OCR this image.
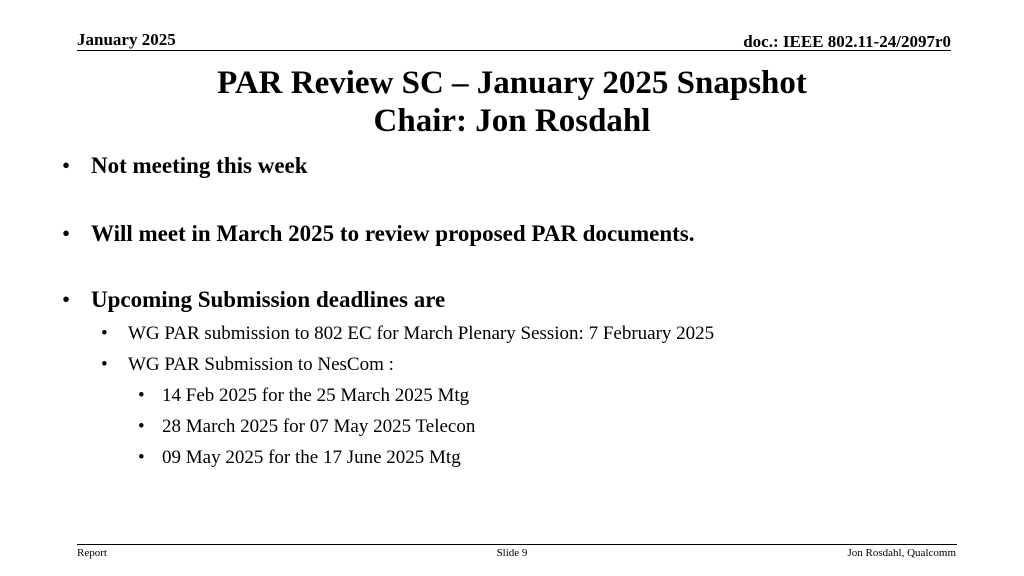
January 2025	doc.: IEEE 802.11-24/2097r0
PAR Review SC – January 2025 Snapshot
Chair: Jon Rosdahl
• Not meeting this week
• Will meet in March 2025 to review proposed PAR documents.
• Upcoming Submission deadlines are
• WG PAR submission to 802 EC for March Plenary Session: 7 February 2025
• WG PAR Submission to NesCom :
• 14 Feb 2025 for the 25 March 2025 Mtg
• 28 March 2025 for 07 May 2025 Telecon
• 09 May 2025 for the 17 June 2025 Mtg
Report	Slide 9	Jon Rosdahl, Qualcomm
